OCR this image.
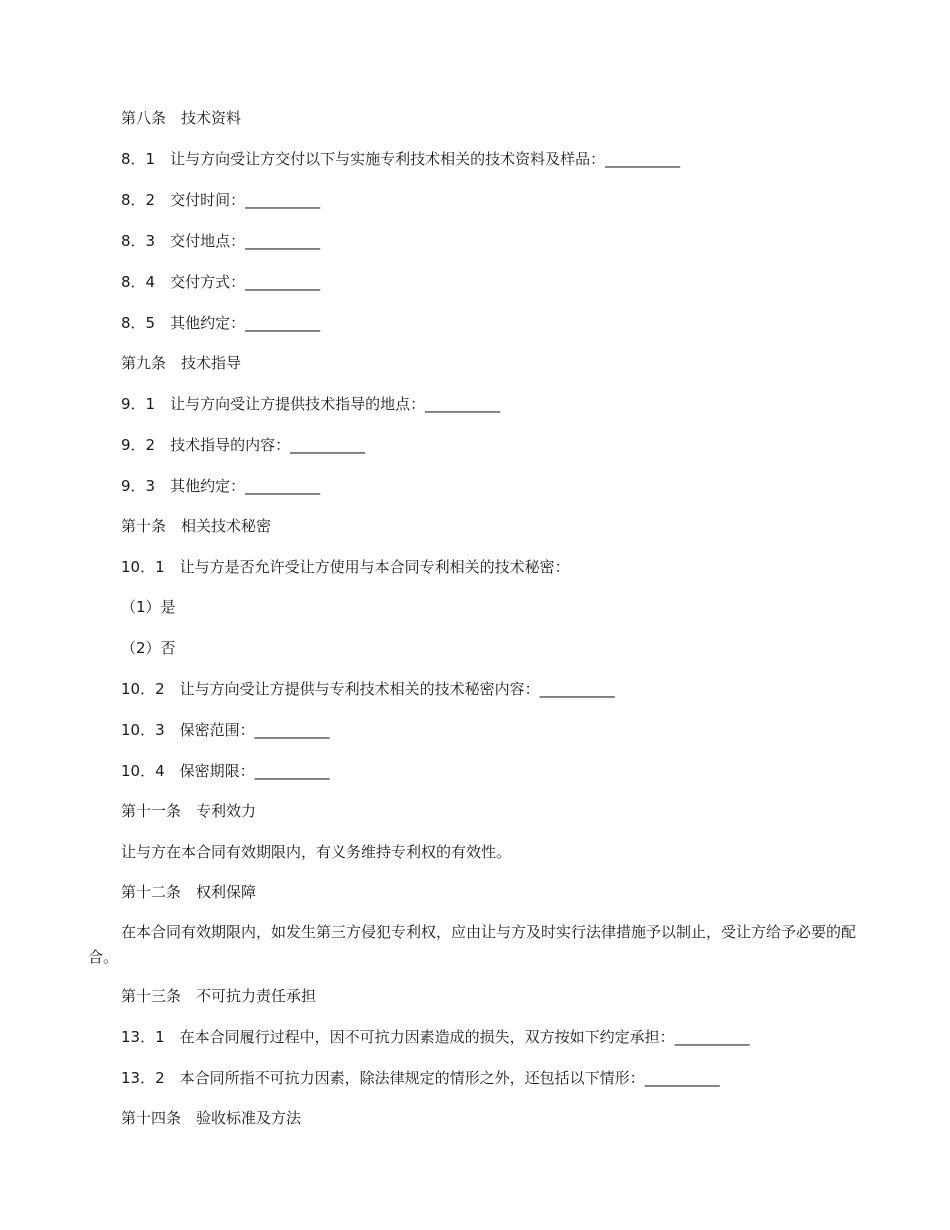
第八条　技术资料
8．1　让与方向受让方交付以下与实施专利技术相关的技术资料及样品：__________
8．2　交付时间：__________
8．3　交付地点：__________
8．4　交付方式：__________
8．5　其他约定：__________
第九条　技术指导
9．1　让与方向受让方提供技术指导的地点：__________
9．2　技术指导的内容：__________
9．3　其他约定：__________
第十条　相关技术秘密
10．1　让与方是否允许受让方使用与本合同专利相关的技术秘密：
（1）是
（2）否
10．2　让与方向受让方提供与专利技术相关的技术秘密内容：__________
10．3　保密范围：__________
10．4　保密期限：__________
第十一条　专利效力
让与方在本合同有效期限内，有义务维持专利权的有效性。
第十二条　权利保障
在本合同有效期限内，如发生第三方侵犯专利权，应由让与方及时实行法律措施予以制止，受让方给予必要的配合。
第十三条　不可抗力责任承担
13．1　在本合同履行过程中，因不可抗力因素造成的损失，双方按如下约定承担：__________
13．2　本合同所指不可抗力因素，除法律规定的情形之外，还包括以下情形：__________
第十四条　验收标准及方法
